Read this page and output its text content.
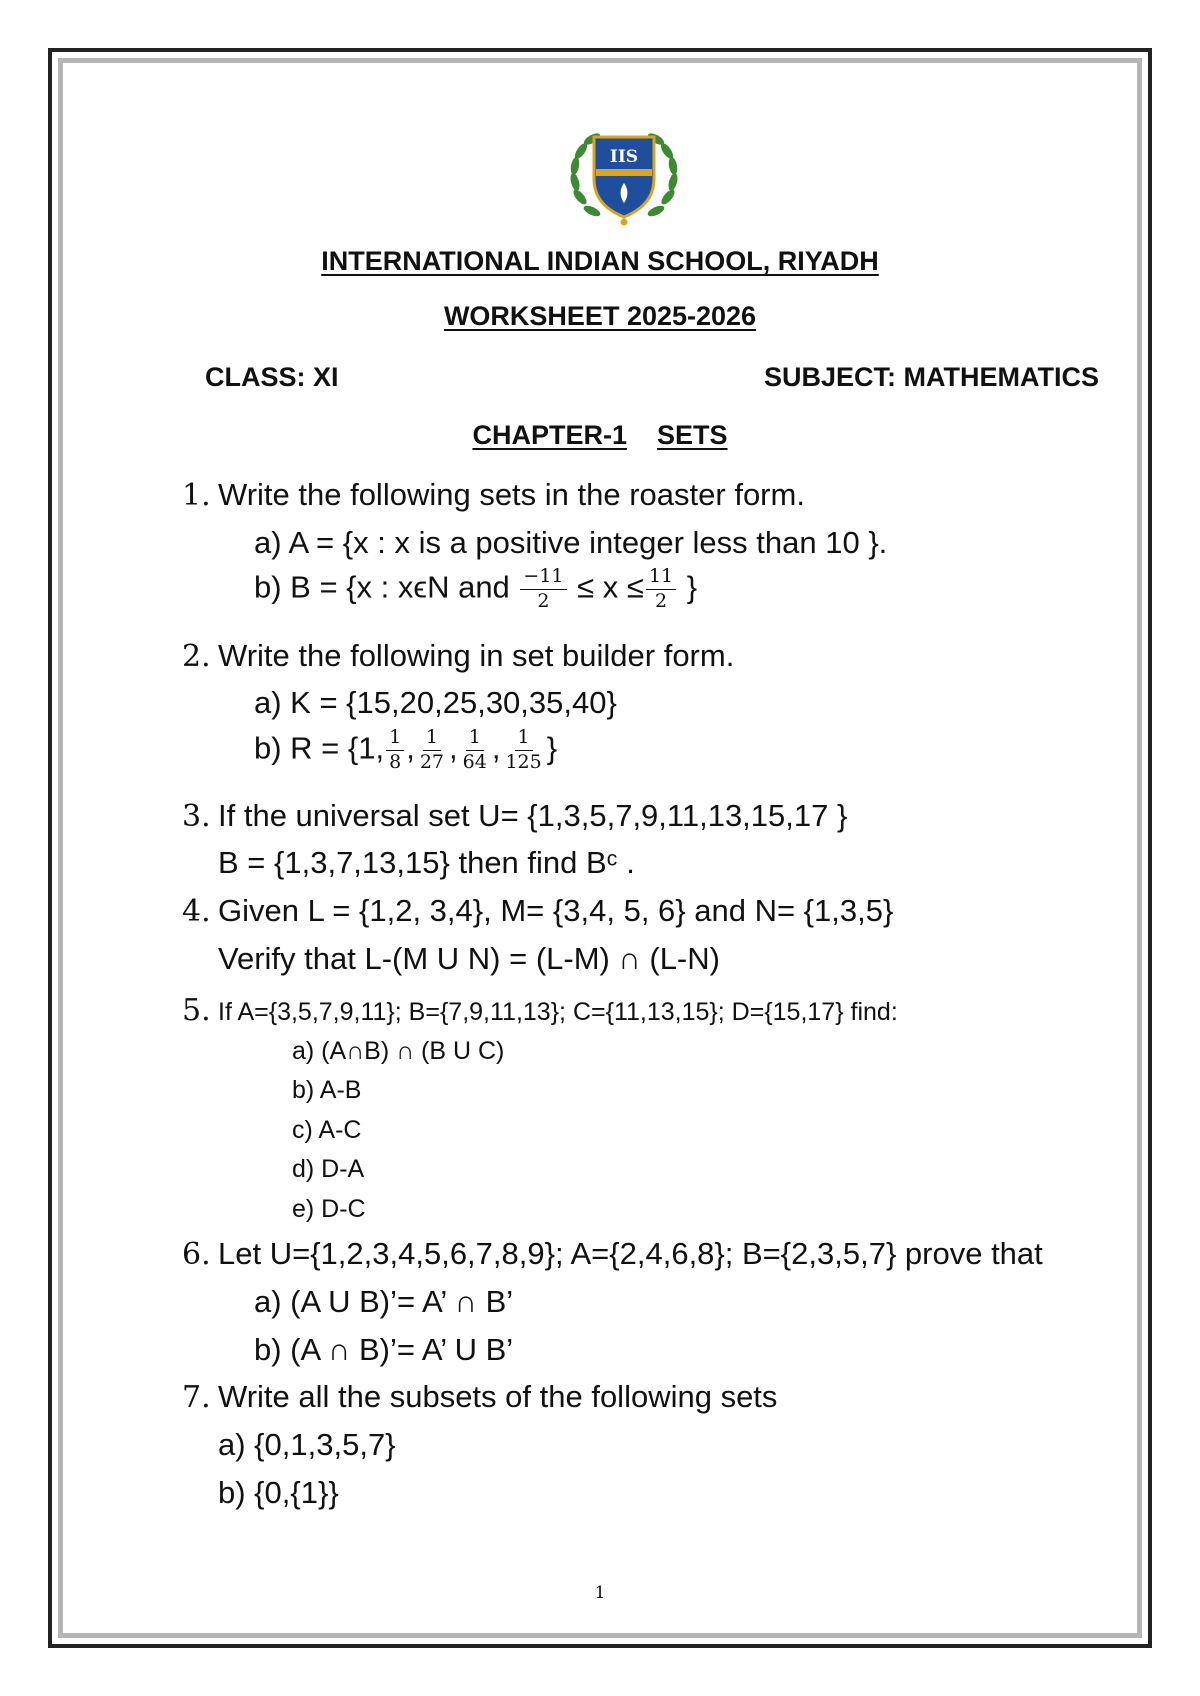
IIS
INTERNATIONAL INDIAN SCHOOL, RIYADH
WORKSHEET 2025-2026
CLASS: XI	SUBJECT: MATHEMATICS
CHAPTER-1 SETS
1. Write the following sets in the roaster form.
a) A = {x : x is a positive integer less than 10 }.
b) B = {x : xϵN and $\frac{-11}{2} \le x \le \frac{11}{2}$ }
2. Write the following in set builder form.
a) K = {15,20,25,30,35,40}
b) R = {1, $\frac{1}{8}$ , $\frac{1}{27}$ , $\frac{1}{64}$ , $\frac{1}{125}$ }
3. If the universal set U= {1,3,5,7,9,11,13,15,17 }
B = {1,3,7,13,15} then find Bᶜ .
4. Given L = {1,2, 3,4}, M= {3,4, 5, 6} and N= {1,3,5}
Verify that L-(M U N) = (L-M) ∩ (L-N)
5. If A={3,5,7,9,11}; B={7,9,11,13}; C={11,13,15}; D={15,17} find:
a) (A∩B) ∩ (B U C)
b) A-B
c) A-C
d) D-A
e) D-C
6. Let U={1,2,3,4,5,6,7,8,9}; A={2,4,6,8}; B={2,3,5,7} prove that
a) (A U B)’= A’ ∩ B’
b) (A ∩ B)’= A’ U B’
7. Write all the subsets of the following sets
a) {0,1,3,5,7}
b) {0,{1}}
1
